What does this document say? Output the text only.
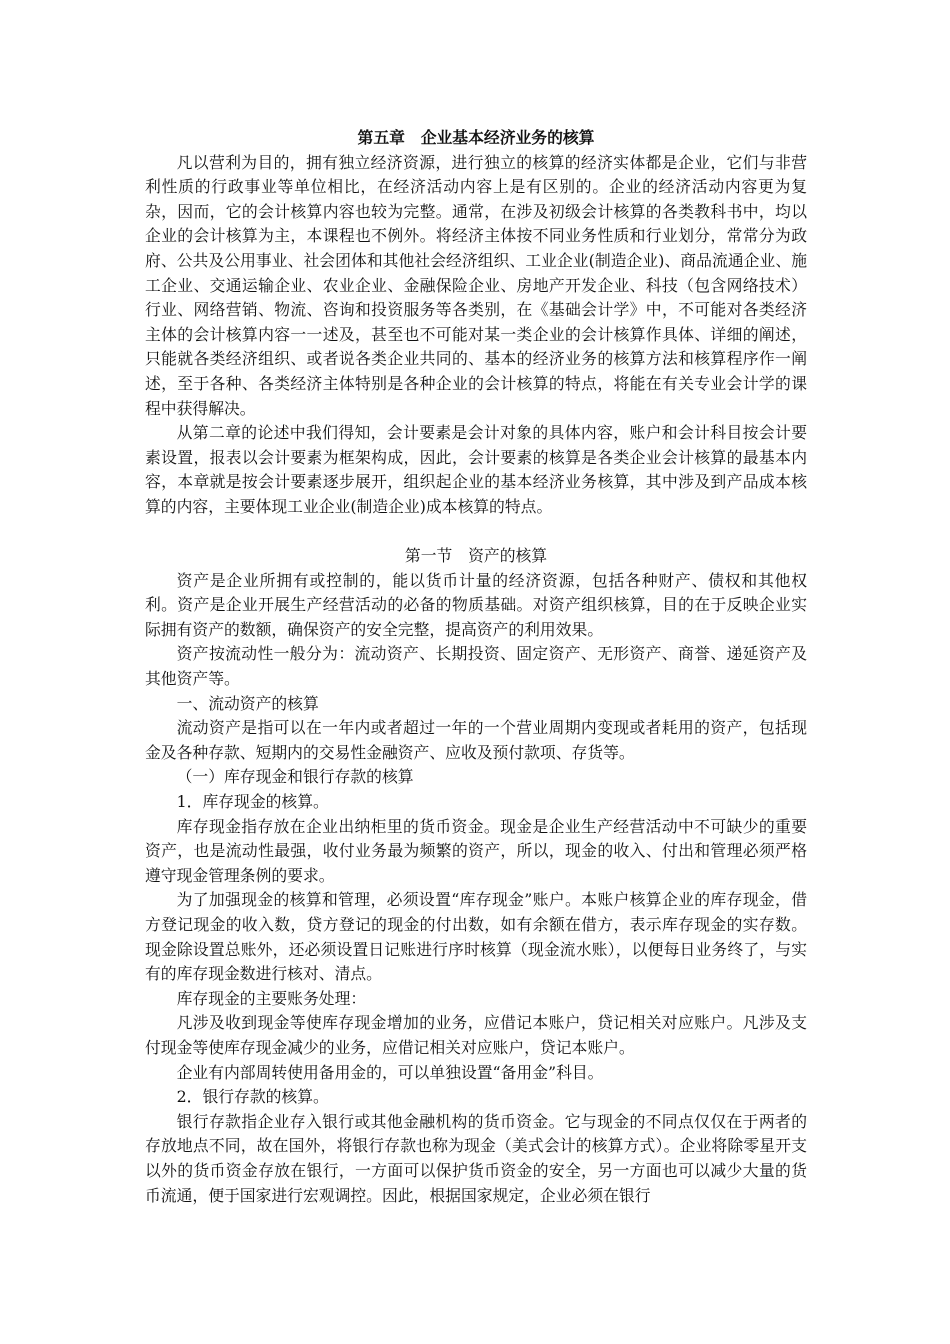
第五章　企业基本经济业务的核算

凡以营利为目的，拥有独立经济资源，进行独立的核算的经济实体都是企业，它们与非营利性质的行政事业等单位相比，在经济活动内容上是有区别的。企业的经济活动内容更为复杂，因而，它的会计核算内容也较为完整。通常，在涉及初级会计核算的各类教科书中，均以企业的会计核算为主，本课程也不例外。将经济主体按不同业务性质和行业划分，常常分为政府、公共及公用事业、社会团体和其他社会经济组织、工业企业(制造企业)、商品流通企业、施工企业、交通运输企业、农业企业、金融保险企业、房地产开发企业、科技（包含网络技术）行业、网络营销、物流、咨询和投资服务等各类别，在《基础会计学》中，不可能对各类经济主体的会计核算内容一一述及，甚至也不可能对某一类企业的会计核算作具体、详细的阐述，只能就各类经济组织、或者说各类企业共同的、基本的经济业务的核算方法和核算程序作一阐述，至于各种、各类经济主体特别是各种企业的会计核算的特点，将能在有关专业会计学的课程中获得解决。

从第二章的论述中我们得知，会计要素是会计对象的具体内容，账户和会计科目按会计要素设置，报表以会计要素为框架构成，因此，会计要素的核算是各类企业会计核算的最基本内容，本章就是按会计要素逐步展开，组织起企业的基本经济业务核算，其中涉及到产品成本核算的内容，主要体现工业企业(制造企业)成本核算的特点。

第一节　资产的核算

资产是企业所拥有或控制的，能以货币计量的经济资源，包括各种财产、债权和其他权利。资产是企业开展生产经营活动的必备的物质基础。对资产组织核算，目的在于反映企业实际拥有资产的数额，确保资产的安全完整，提高资产的利用效果。

资产按流动性一般分为：流动资产、长期投资、固定资产、无形资产、商誉、递延资产及其他资产等。

一、流动资产的核算

流动资产是指可以在一年内或者超过一年的一个营业周期内变现或者耗用的资产，包括现金及各种存款、短期内的交易性金融资产、应收及预付款项、存货等。

（一）库存现金和银行存款的核算
1．库存现金的核算。

库存现金指存放在企业出纳柜里的货币资金。现金是企业生产经营活动中不可缺少的重要资产，也是流动性最强，收付业务最为频繁的资产，所以，现金的收入、付出和管理必须严格遵守现金管理条例的要求。

为了加强现金的核算和管理，必须设置“库存现金”账户。本账户核算企业的库存现金，借方登记现金的收入数，贷方登记的现金的付出数，如有余额在借方，表示库存现金的实存数。现金除设置总账外，还必须设置日记账进行序时核算（现金流水账），以便每日业务终了，与实有的库存现金数进行核对、清点。

库存现金的主要账务处理：

凡涉及收到现金等使库存现金增加的业务，应借记本账户，贷记相关对应账户。凡涉及支付现金等使库存现金减少的业务，应借记相关对应账户，贷记本账户。

企业有内部周转使用备用金的，可以单独设置“备用金”科目。

2．银行存款的核算。

银行存款指企业存入银行或其他金融机构的货币资金。它与现金的不同点仅仅在于两者的存放地点不同，故在国外，将银行存款也称为现金（美式会计的核算方式）。企业将除零星开支以外的货币资金存放在银行，一方面可以保护货币资金的安全，另一方面也可以减少大量的货币流通，便于国家进行宏观调控。因此，根据国家规定，企业必须在银行
